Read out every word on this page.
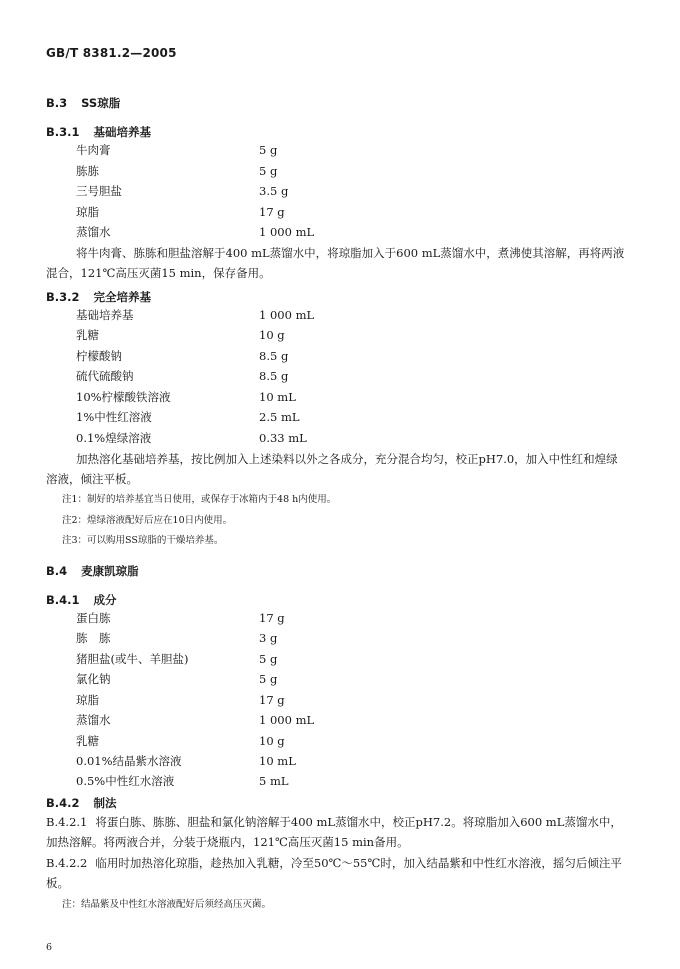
GB/T 8381.2—2005
B.3 SS琼脂
B.3.1 基础培养基
牛肉膏	5 g
胨胨	5 g
三号胆盐	3.5 g
琼脂	17 g
蒸馏水	1 000 mL
将牛肉膏、胨胨和胆盐溶解于400 mL蒸馏水中，将琼脂加入于600 mL蒸馏水中，煮沸使其溶解，再将两液混合，121℃高压灭菌15 min，保存备用。
B.3.2 完全培养基
基础培养基	1 000 mL
乳糖	10 g
柠檬酸钠	8.5 g
硫代硫酸钠	8.5 g
10%柠檬酸铁溶液	10 mL
1%中性红溶液	2.5 mL
0.1%煌绿溶液	0.33 mL
加热溶化基础培养基，按比例加入上述染料以外之各成分，充分混合均匀，校正pH7.0，加入中性红和煌绿溶液，倾注平板。
注1：制好的培养基宜当日使用，或保存于冰箱内于48 h内使用。
注2：煌绿溶液配好后应在10日内使用。
注3：可以购用SS琼脂的干燥培养基。
B.4 麦康凯琼脂
B.4.1 成分
蛋白胨	17 g
胨　胨	3 g
猪胆盐(或牛、羊胆盐)	5 g
氯化钠	5 g
琼脂	17 g
蒸馏水	1 000 mL
乳糖	10 g
0.01%结晶紫水溶液	10 mL
0.5%中性红水溶液	5 mL
B.4.2 制法
B.4.2.1 将蛋白胨、胨胨、胆盐和氯化钠溶解于400 mL蒸馏水中，校正pH7.2。将琼脂加入600 mL蒸馏水中，加热溶解。将两液合并，分装于烧瓶内，121℃高压灭菌15 min备用。
B.4.2.2 临用时加热溶化琼脂，趁热加入乳糖，冷至50℃～55℃时，加入结晶紫和中性红水溶液，摇匀后倾注平板。
注：结晶紫及中性红水溶液配好后须经高压灭菌。
6
